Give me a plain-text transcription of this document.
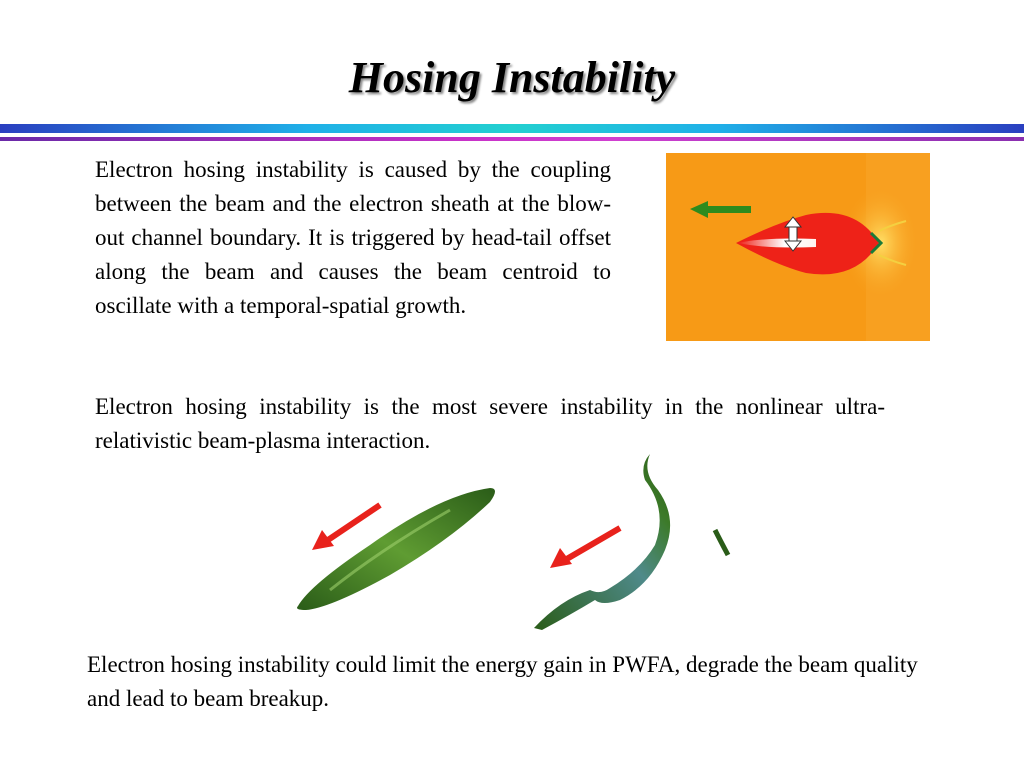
Hosing Instability

Electron hosing instability is caused by the coupling between the beam and the electron sheath at the blow-out channel boundary. It is triggered by head-tail offset along the beam and causes the beam centroid to oscillate with a temporal-spatial growth.

Electron hosing instability is the most severe instability in the nonlinear ultra-relativistic beam-plasma interaction.

Electron hosing instability could limit the energy gain in PWFA, degrade the beam quality and lead to beam breakup.
